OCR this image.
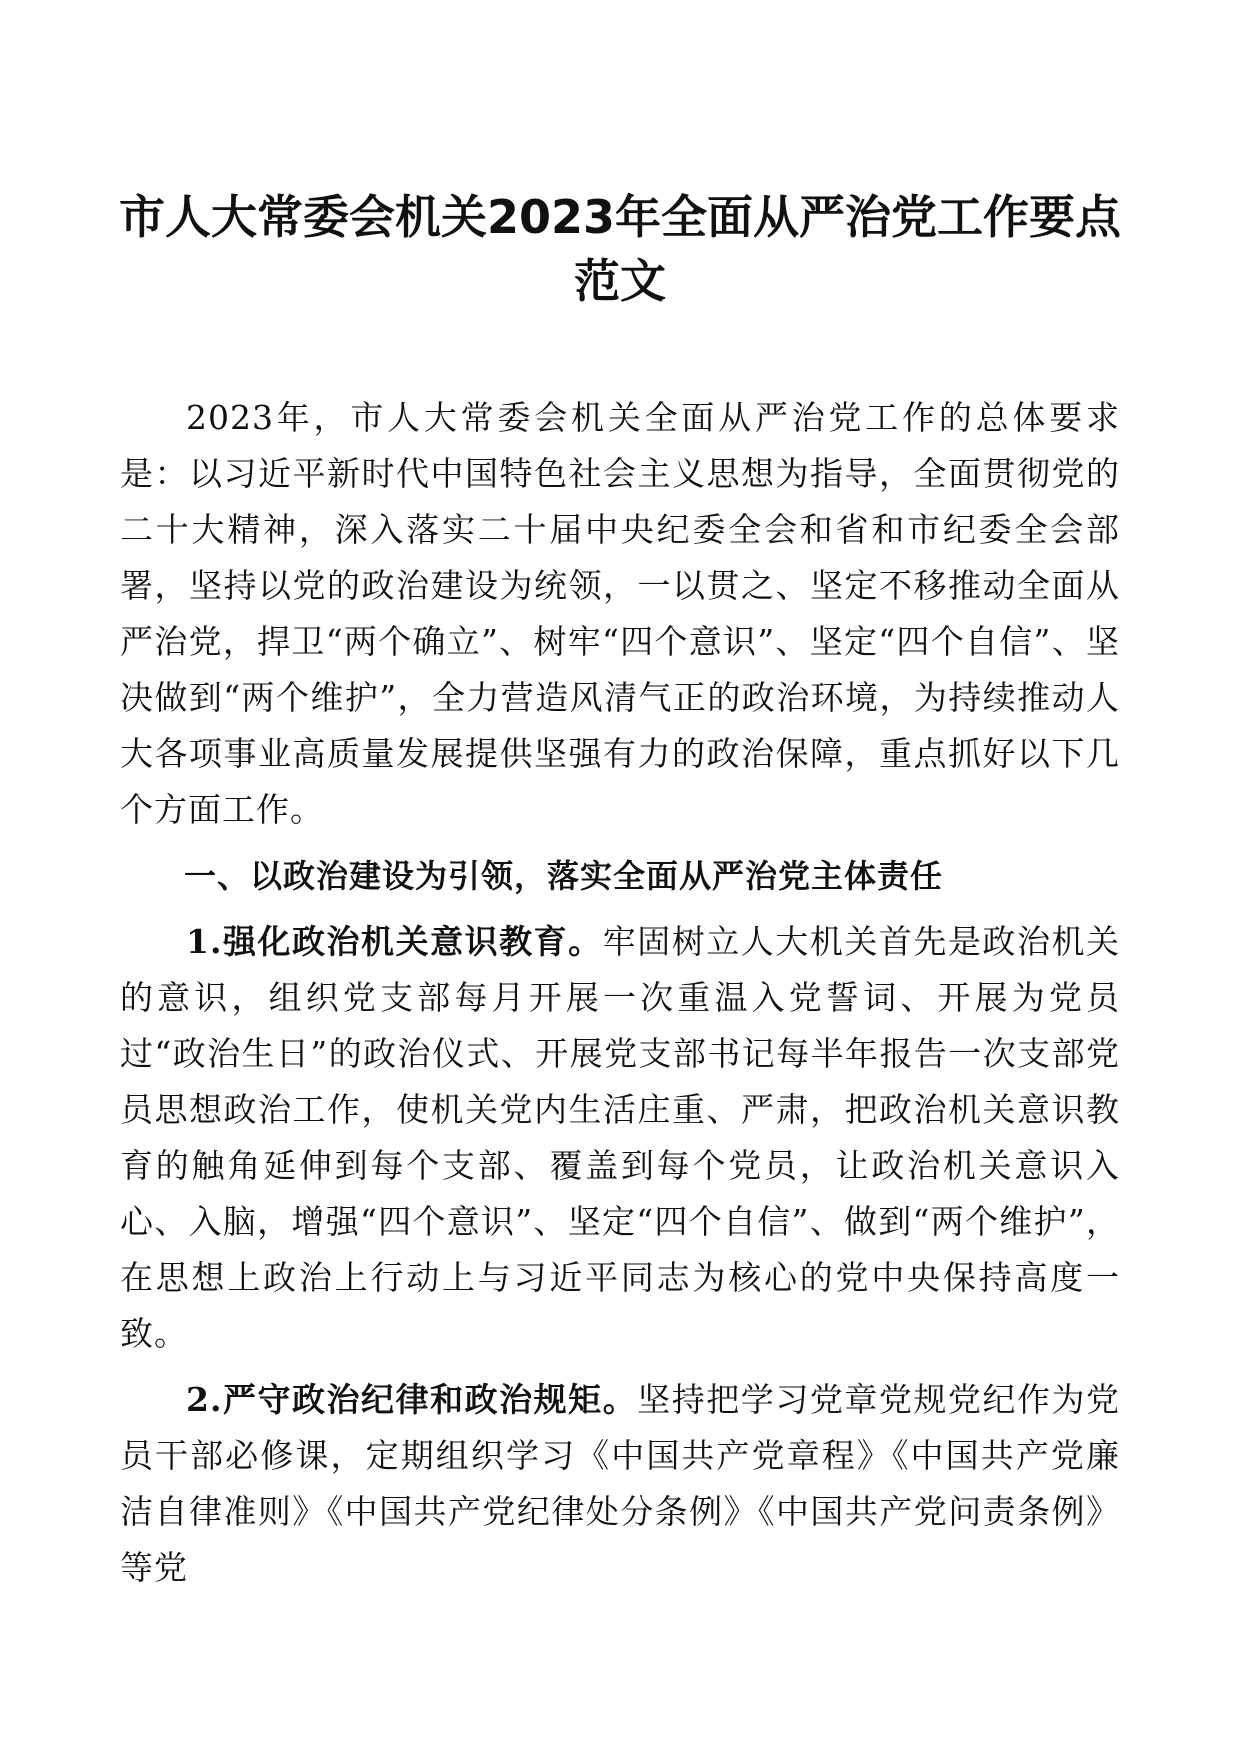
市人大常委会机关2023年全面从严治党工作要点
范文

2023年，市人大常委会机关全面从严治党工作的总体要求是：以习近平新时代中国特色社会主义思想为指导，全面贯彻党的二十大精神，深入落实二十届中央纪委全会和省和市纪委全会部署，坚持以党的政治建设为统领，一以贯之、坚定不移推动全面从严治党，捍卫“两个确立”、树牢“四个意识”、坚定“四个自信”、坚决做到“两个维护”，全力营造风清气正的政治环境，为持续推动人大各项事业高质量发展提供坚强有力的政治保障，重点抓好以下几个方面工作。

一、以政治建设为引领，落实全面从严治党主体责任

1.强化政治机关意识教育。牢固树立人大机关首先是政治机关的意识，组织党支部每月开展一次重温入党誓词、开展为党员过“政治生日”的政治仪式、开展党支部书记每半年报告一次支部党员思想政治工作，使机关党内生活庄重、严肃，把政治机关意识教育的触角延伸到每个支部、覆盖到每个党员，让政治机关意识入心、入脑，增强“四个意识”、坚定“四个自信”、做到“两个维护”，在思想上政治上行动上与习近平同志为核心的党中央保持高度一致。

2.严守政治纪律和政治规矩。坚持把学习党章党规党纪作为党员干部必修课，定期组织学习《中国共产党章程》《中国共产党廉洁自律准则》《中国共产党纪律处分条例》《中国共产党问责条例》等党
